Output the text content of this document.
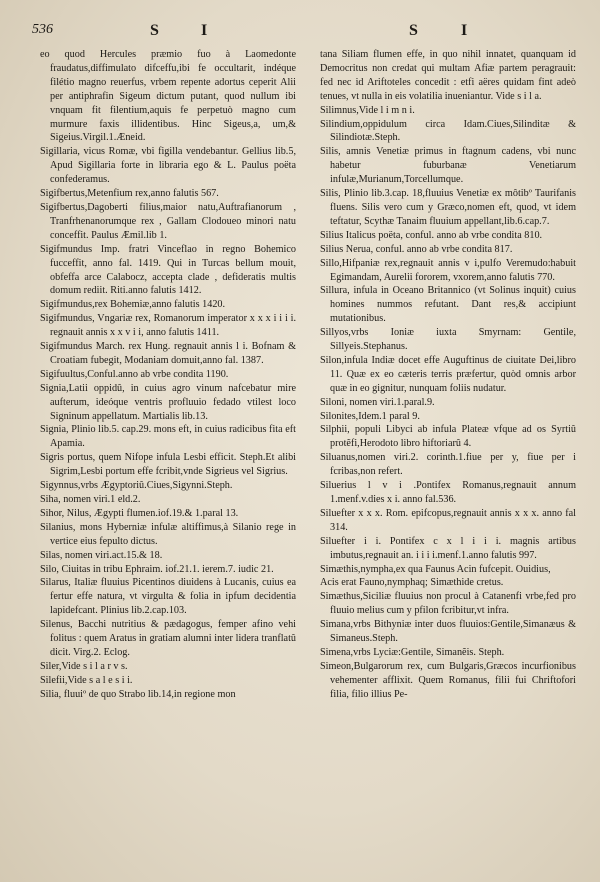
536	S	I	S	I

eo quod Hercules præmio fuo à Laomedonte fraudatus,diffimulato difceffu,ibi fe occultarit, indéque filétio magno reuerfus, vrbem repente adortus ceperit Alii per antiphrafin Sigeum dictum putant, quod nullum ibi vnquam fit filentium,aquis fe perpetuò magno cum murmure faxis illidentibus. Hinc Sigeus,a, um,& Sigeius.Virgil.1.Æneid.

Sigillaria, vicus Romæ, vbi figilla vendebantur. Gellius lib.5, Apud Sigillaria forte in libraria ego & L. Paulus poëta confederamus.

Sigifbertus,Metenfium rex,anno falutis 567.

Sigifbertus,Dagoberti filius,maior natu,Auftrafianorum , Tranfrhenanorumque rex , Gallam Clodoueo minori natu conceffit. Paulus Æmil.lib 1.

Sigifmundus Imp. fratri Vinceflao in regno Bohemico fucceffit, anno fal. 1419. Qui in Turcas bellum mouit, obfeffa arce Calabocz, accepta clade , defideratis multis domum rediit. Riti.anno falutis 1412.

Sigifmundus,rex Bohemiæ,anno falutis 1420.

Sigifmundus, Vngariæ rex, Romanorum imperator x x x i i i i. regnauit annis x x v i i, anno falutis 1411.

Sigifmundus March. rex Hung. regnauit annis l i. Bofnam & Croatiam fubegit, Modaniam domuit,anno fal. 1387.

Sigifuultus,Conful.anno ab vrbe condita 1190.

Signia,Latii oppidû, in cuius agro vinum nafcebatur mire aufterum, ideóque ventris profluuio fedado vtilest loco Signinum appellatum. Martialis lib.13.

Signia, Plinio lib.5. cap.29. mons eft, in cuius radicibus fita eft Apamia.

Sigris portus, quem Nifope infula Lesbi efficit. Steph.Et alibi Sigrim,Lesbi portum effe fcribit,vnde Sigrieus vel Sigrius.

Sigynnus,vrbs Ægyptoriû.Ciues,Sigynni.Steph.

Siha, nomen viri.1 eld.2.

Sihor, Nilus, Ægypti flumen.iof.19.& 1.paral 13.

Silanius, mons Hyberniæ infulæ altiffimus,à Silanio rege in vertice eius fepulto dictus.

Silas, nomen viri.act.15.& 18.

Silo, Ciuitas in tribu Ephraim. iof.21.1. ierem.7. iudic 21.

Silarus, Italiæ fluuius Picentinos diuidens à Lucanis, cuius ea fertur effe natura, vt virgulta & folia in ipfum decidentia lapidefcant. Plinius lib.2.cap.103.

Silenus, Bacchi nutritius & pædagogus, femper afino vehi folitus : quem Aratus in gratiam alumni inter lidera tranflatû dicit. Virg.2. Eclog.

Siler,Vide s i l a r v s.

Silefii,Vide s a l e s i i.

Silia, fluuiº de quo Strabo lib.14,in regione mon

tana Siliam flumen effe, in quo nihil innatet, quanquam id Democritus non credat qui multam Afiæ partem peragrauit: fed nec id Ariftoteles concedit : etfi aëres quidam fint adeò tenues, vt nulla in eis volatilia inueniantur. Vide s i l a.

Silimnus,Vide l i m n i.

Silindium,oppidulum circa Idam.Ciues,Silinditæ & Silindiotæ.Steph.

Silis, amnis Venetiæ primus in ftagnum cadens, vbi nunc habetur fuburbanæ Venetiarum infulæ,Murianum,Torcellumque.

Silis, Plinio lib.3.cap. 18,fluuius Venetiæ ex môtibº Taurifanis fluens. Silis vero cum y Græco,nomen eft, quod, vt idem teftatur, Scythæ Tanaim fluuium appellant,lib.6.cap.7.

Silius Italicus poëta, conful. anno ab vrbe condita 810.

Silius Nerua, conful. anno ab vrbe condita 817.

Sillo,Hifpaniæ rex,regnauit annis v i,pulfo Veremudo:habuit Egimandam, Aurelii fororem, vxorem,anno falutis 770.

Sillura, infula in Oceano Britannico (vt Solinus inquit) cuius homines nummos refutant. Dant res,& accipiunt mutationibus.

Sillyos,vrbs Ioniæ iuxta Smyrnam: Gentile, Sillyeis.Stephanus.

Silon,infula Indiæ docet effe Auguftinus de ciuitate Dei,libro 11. Quæ ex eo cæteris terris præfertur, quòd omnis arbor quæ in eo gignitur, nunquam foliis nudatur.

Siloni, nomen viri.1.paral.9.

Silonites,Idem.1 paral 9.

Silphii, populi Libyci ab infula Plateæ vfque ad os Syrtiû protẽfi,Herodoto libro hiftoriarû 4.

Siluanus,nomen viri.2. corinth.1.fiue per y, fiue per i fcribas,non refert.

Siluerius l v i .Pontifex Romanus,regnauit annum 1.menf.v.dies x i. anno fal.536.

Siluefter x x x. Rom. epifcopus,regnauit annis x x x. anno fal 314.

Siluefter i i. Pontifex c x l i i i. magnis artibus imbutus,regnauit an. i i i i.menf.1.anno falutis 997.

Simæthis,nympha,ex qua Faunus Acin fufcepit. Ouidius,

Acis erat Fauno,nymphaq; Simæthide cretus.

Simæthus,Siciliæ fluuius non procul à Catanenfi vrbe,fed pro fluuio melius cum y pfilon fcribitur,vt infra.

Simana,vrbs Bithyniæ inter duos fluuios:Gentile,Simanæus & Simaneus.Steph.

Simena,vrbs Lyciæ:Gentile, Simanẽis. Steph.

Simeon,Bulgarorum rex, cum Bulgaris,Græcos incurfionibus vehementer afflixit. Quem Romanus, filii fui Chriftofori filia, filio illius Pe-
